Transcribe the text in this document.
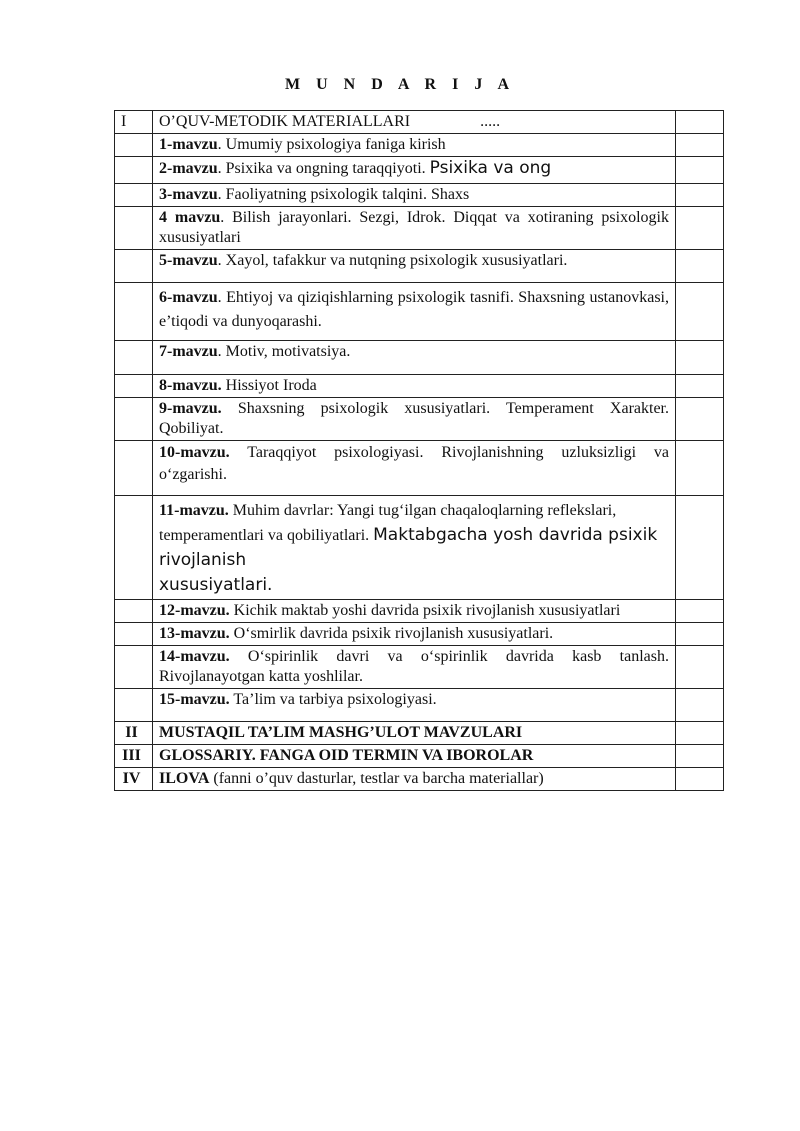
M U N D A R I J A
I	O’QUV-METODIK MATERIALLARI .....	
	1-mavzu. Umumiy psixologiya faniga kirish	
	2-mavzu. Psixika va ongning taraqqiyoti. Psixika va ong	
	3-mavzu. Faoliyatning psixologik talqini. Shaxs	
	4 mavzu. Bilish jarayonlari. Sezgi, Idrok. Diqqat va xotiraning psixologik xususiyatlari	
	5-mavzu. Xayol, tafakkur va nutqning psixologik xususiyatlari.	
	6-mavzu. Ehtiyoj va qiziqishlarning psixologik tasnifi. Shaxsning ustanovkasi, e’tiqodi va dunyoqarashi.	
	7-mavzu. Motiv, motivatsiya.	
	8-mavzu. Hissiyot Iroda	
	9-mavzu. Shaxsning psixologik xususiyatlari. Temperament Xarakter. Qobiliyat.	
	10-mavzu. Taraqqiyot psixologiyasi. Rivojlanishning uzluksizligi va o‘zgarishi.	
	11-mavzu. Muhim davrlar: Yangi tug‘ilgan chaqaloqlarning reflekslari, temperamentlari va qobiliyatlari. Maktabgacha yosh davrida psixik rivojlanish
xususiyatlari.	
	12-mavzu. Kichik maktab yoshi davrida psixik rivojlanish xususiyatlari	
	13-mavzu. O‘smirlik davrida psixik rivojlanish xususiyatlari.	
	14-mavzu. O‘spirinlik davri va o‘spirinlik davrida kasb tanlash. Rivojlanayotgan katta yoshlilar.	
	15-mavzu. Ta’lim va tarbiya psixologiyasi.	
II	MUSTAQIL TA’LIM MASHG’ULOT MAVZULARI	
III	GLOSSARIY. FANGA OID TERMIN VA IBOROLAR	
IV	ILOVA (fanni o’quv dasturlar, testlar va barcha materiallar)	
